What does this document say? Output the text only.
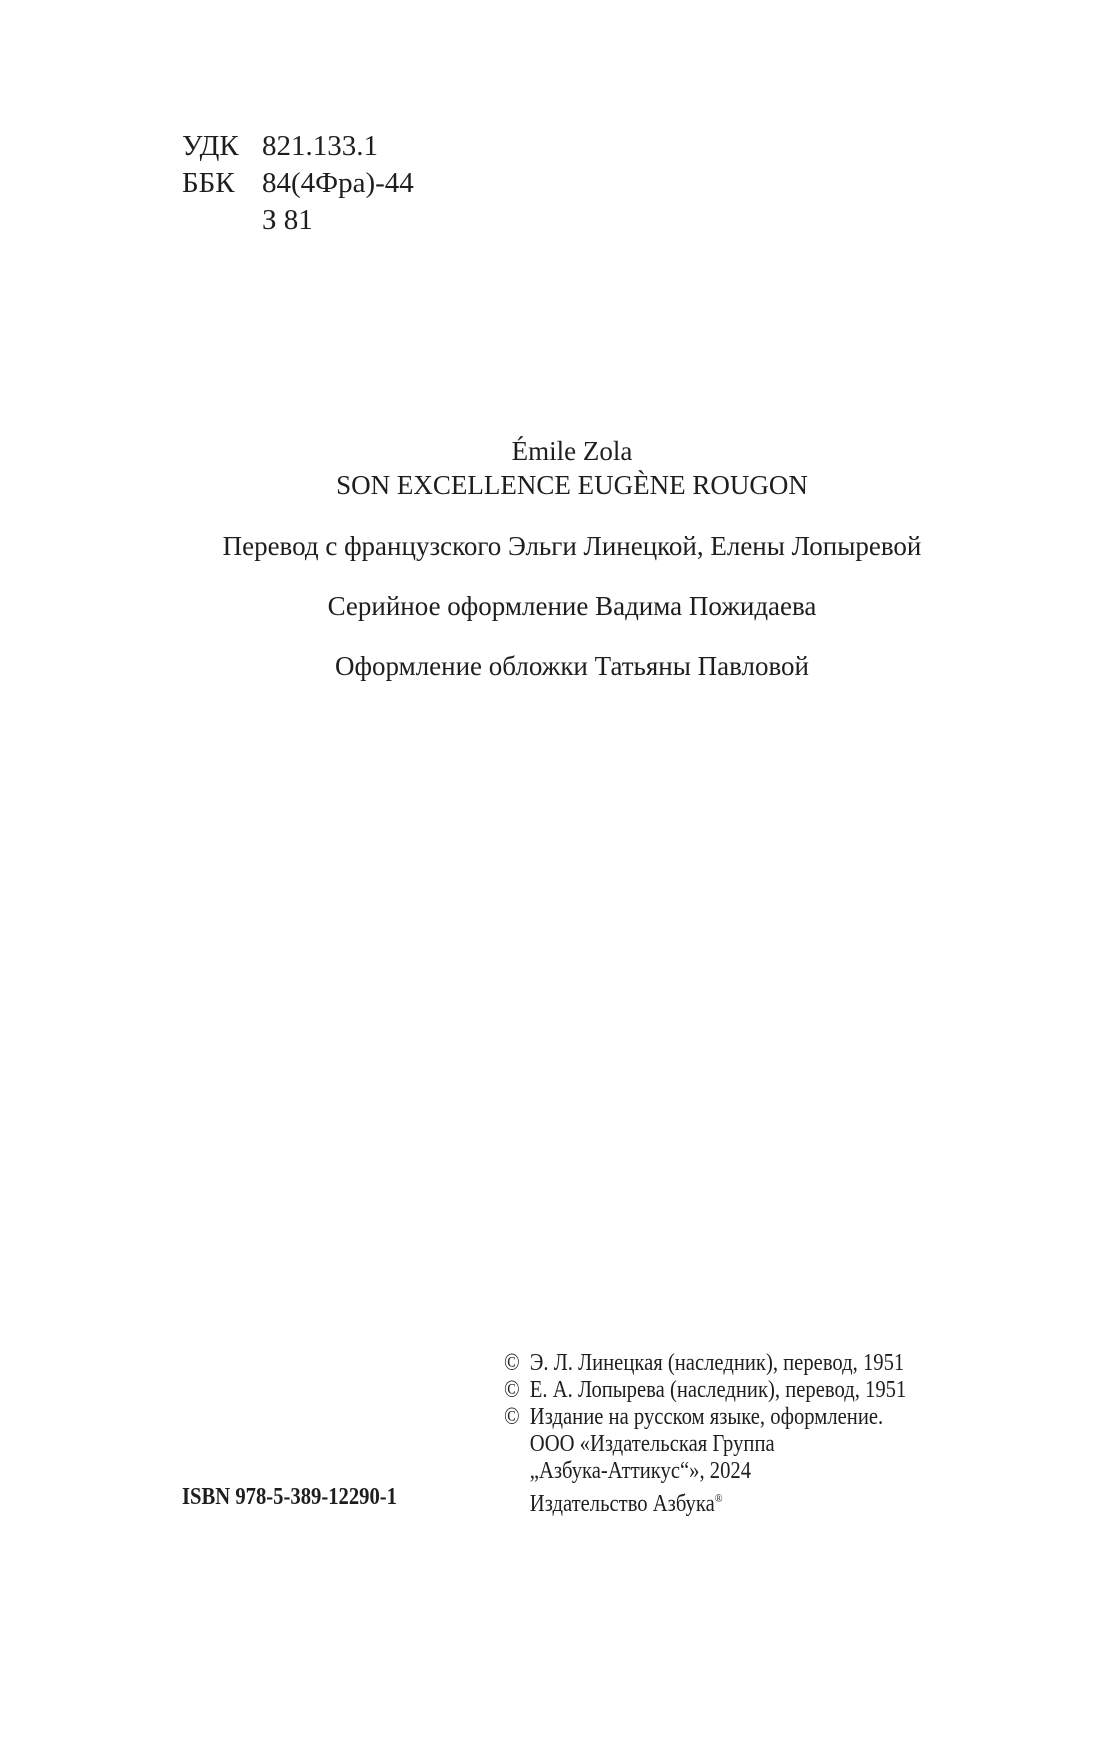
УДК 821.133.1
ББК 84(4Фра)-44
З 81
Émile Zola
SON EXCELLENCE EUGÈNE ROUGON
Перевод с французского Эльги Линецкой, Елены Лопыревой
Серийное оформление Вадима Пожидаева
Оформление обложки Татьяны Павловой
© Э. Л. Линецкая (наследник), перевод, 1951
© Е. А. Лопырева (наследник), перевод, 1951
© Издание на русском языке, оформление.
ООО «Издательская Группа
„Азбука-Аттикус“», 2024
Издательство Азбука®
ISBN 978-5-389-12290-1
